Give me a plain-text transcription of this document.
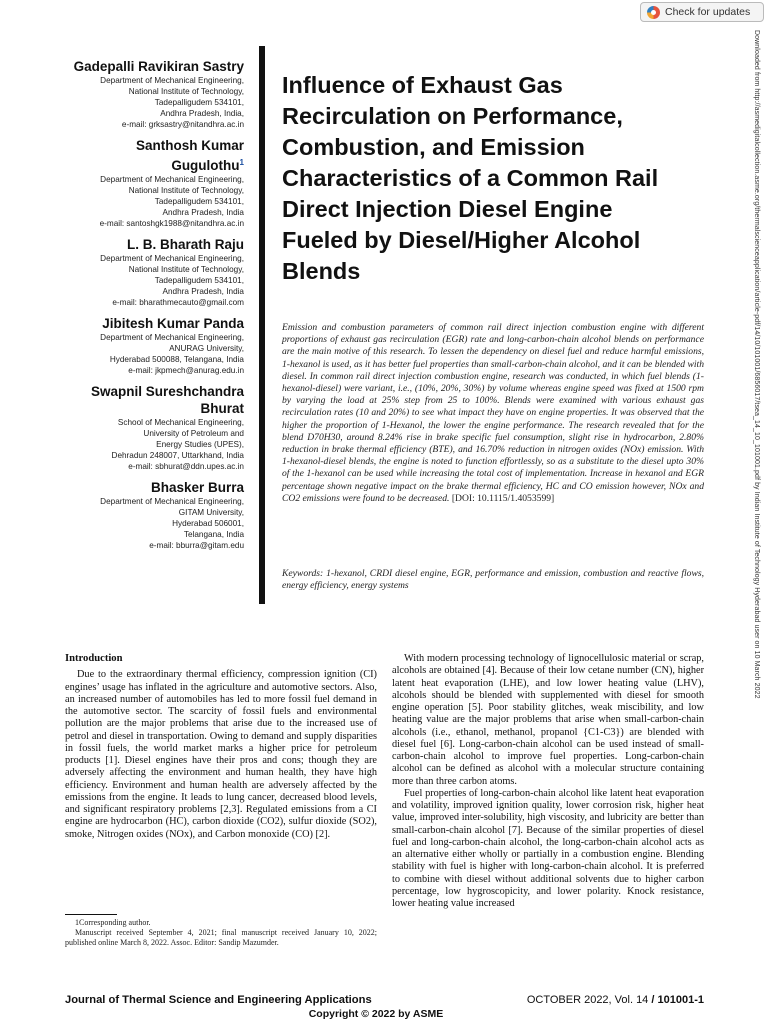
Check for updates
Downloaded from http://asmedigitalcollection.asme.org/thermalscienceapplication/article-pdf/14/10/101001/6856017/tsea_14_10_101001.pdf by Indian Institute of Technology Hyderabad user on 10 March 2022
Gadepalli Ravikiran Sastry
Department of Mechanical Engineering,
National Institute of Technology,
Tadepalligudem 534101,
Andhra Pradesh, India,
e-mail: grksastry@nitandhra.ac.in
Santhosh Kumar Gugulothu$^1$
Department of Mechanical Engineering,
National Institute of Technology,
Tadepalligudem 534101,
Andhra Pradesh, India
e-mail: santoshgk1988@nitandhra.ac.in
L. B. Bharath Raju
Department of Mechanical Engineering,
National Institute of Technology,
Tadepalligudem 534101,
Andhra Pradesh, India
e-mail: bharathmecauto@gmail.com
Jibitesh Kumar Panda
Department of Mechanical Engineering,
ANURAG University,
Hyderabad 500088, Telangana, India
e-mail: jkpmech@anurag.edu.in
Swapnil Sureshchandra Bhurat
School of Mechanical Engineering,
University of Petroleum and
Energy Studies (UPES),
Dehradun 248007, Uttarkhand, India
e-mail: sbhurat@ddn.upes.ac.in
Bhasker Burra
Department of Mechanical Engineering,
GITAM University,
Hyderabad 506001,
Telangana, India
e-mail: bburra@gitam.edu
Influence of Exhaust Gas
Recirculation on Performance,
Combustion, and Emission
Characteristics of a Common Rail
Direct Injection Diesel Engine
Fueled by Diesel/Higher Alcohol
Blends
Emission and combustion parameters of common rail direct injection combustion engine with different proportions of exhaust gas recirculation (EGR) rate and long-carbon-chain alcohol blends on performance are the main motive of this research. To lessen the dependency on diesel fuel and reduce harmful emissions, 1-hexanol is used, as it has better fuel properties than small-carbon-chain alcohol, and it can be blended with diesel. In common rail direct injection combustion engine, research was conducted, in which fuel blends (1-hexanol-diesel) were variant, i.e., (10%, 20%, 30%) by volume whereas engine speed was fixed at 1500 rpm by varying the load at 25% step from 25 to 100%. Blends were examined with various exhaust gas recirculation rates (10 and 20%) to see what impact they have on engine properties. It was observed that the higher the proportion of 1-Hexanol, the lower the engine performance. The research revealed that for the blend D70H30, around 8.24% rise in brake specific fuel consumption, slight rise in hydrocarbon, 2.80% reduction in brake thermal efficiency (BTE), and 16.70% reduction in nitrogen oxides (NOx) emission. With 1-hexanol-diesel blends, the engine is noted to function effortlessly, so as a substitute to the diesel upto 30% of the 1-hexanol can be used while increasing the total cost of implementation. Increase in hexanol and EGR percentage shown negative impact on the brake thermal efficiency, HC and CO emission however, NOx and CO2 emissions were found to be decreased. [DOI: 10.1115/1.4053599]
Keywords: 1-hexanol, CRDI diesel engine, EGR, performance and emission, combustion and reactive flows, energy efficiency, energy systems
Introduction

Due to the extraordinary thermal efficiency, compression ignition (CI) engines’ usage has inflated in the agriculture and automotive sectors. Also, an increased number of automobiles has led to more fossil fuel demand in the automotive sector. The scarcity of fossil fuels and environmental pollution are the major problems that arise due to the increased use of petrol and diesel in transportation. Owing to demand and supply disparities in fossil fuels, the world market marks a higher price for petroleum products [1]. Diesel engines have their pros and cons; though they are adversely affecting the environment and human health, they have high efficiency. Environment and human health are adversely affected by the emissions from the engine. It leads to lung cancer, decreased blood levels, and significant respiratory problems [2,3]. Regulated emissions from a CI engine are hydrocarbon (HC), carbon dioxide (CO2), sulfur dioxide (SO2), smoke, Nitrogen oxides (NOx), and Carbon monoxide (CO) [2].

With modern processing technology of lignocellulosic material or scrap, alcohols are obtained [4]. Because of their low cetane number (CN), higher latent heat evaporation (LHE), and low lower heating value (LHV), alcohols should be blended with supplemented with diesel for smooth engine operation [5]. Poor stability glitches, weak miscibility, and low heating value are the major problems that arise when small-carbon-chain alcohols (i.e., ethanol, methanol, propanol {C1-C3}) are blended with diesel fuel [6]. Long-carbon-chain alcohol can be used instead of small-carbon-chain alcohol to improve fuel properties. Long-carbon-chain alcohol can be defined as alcohol with a molecular structure containing more than three carbon atoms.

Fuel properties of long-carbon-chain alcohol like latent heat evaporation and volatility, improved ignition quality, lower corrosion risk, higher heat value, improved inter-solubility, high viscosity, and lubricity are better than small-carbon-chain alcohol [7]. Because of the similar properties of diesel fuel and long-carbon-chain alcohol, the long-carbon-chain alcohol acts as an alternative either wholly or partially in a combustion engine. Blending stability with fuel is higher with long-carbon-chain alcohol. It is preferred to combine with diesel without additional solvents due to higher carbon percentage, low hygroscopicity, and lower polarity. Knock resistance, lower heating value increased

1Corresponding author.

Manuscript received September 4, 2021; final manuscript received January 10, 2022; published online March 8, 2022. Assoc. Editor: Sandip Mazumder.

Journal of Thermal Science and Engineering Applications	OCTOBER 2022, Vol. 14 / 101001-1
Copyright © 2022 by ASME
